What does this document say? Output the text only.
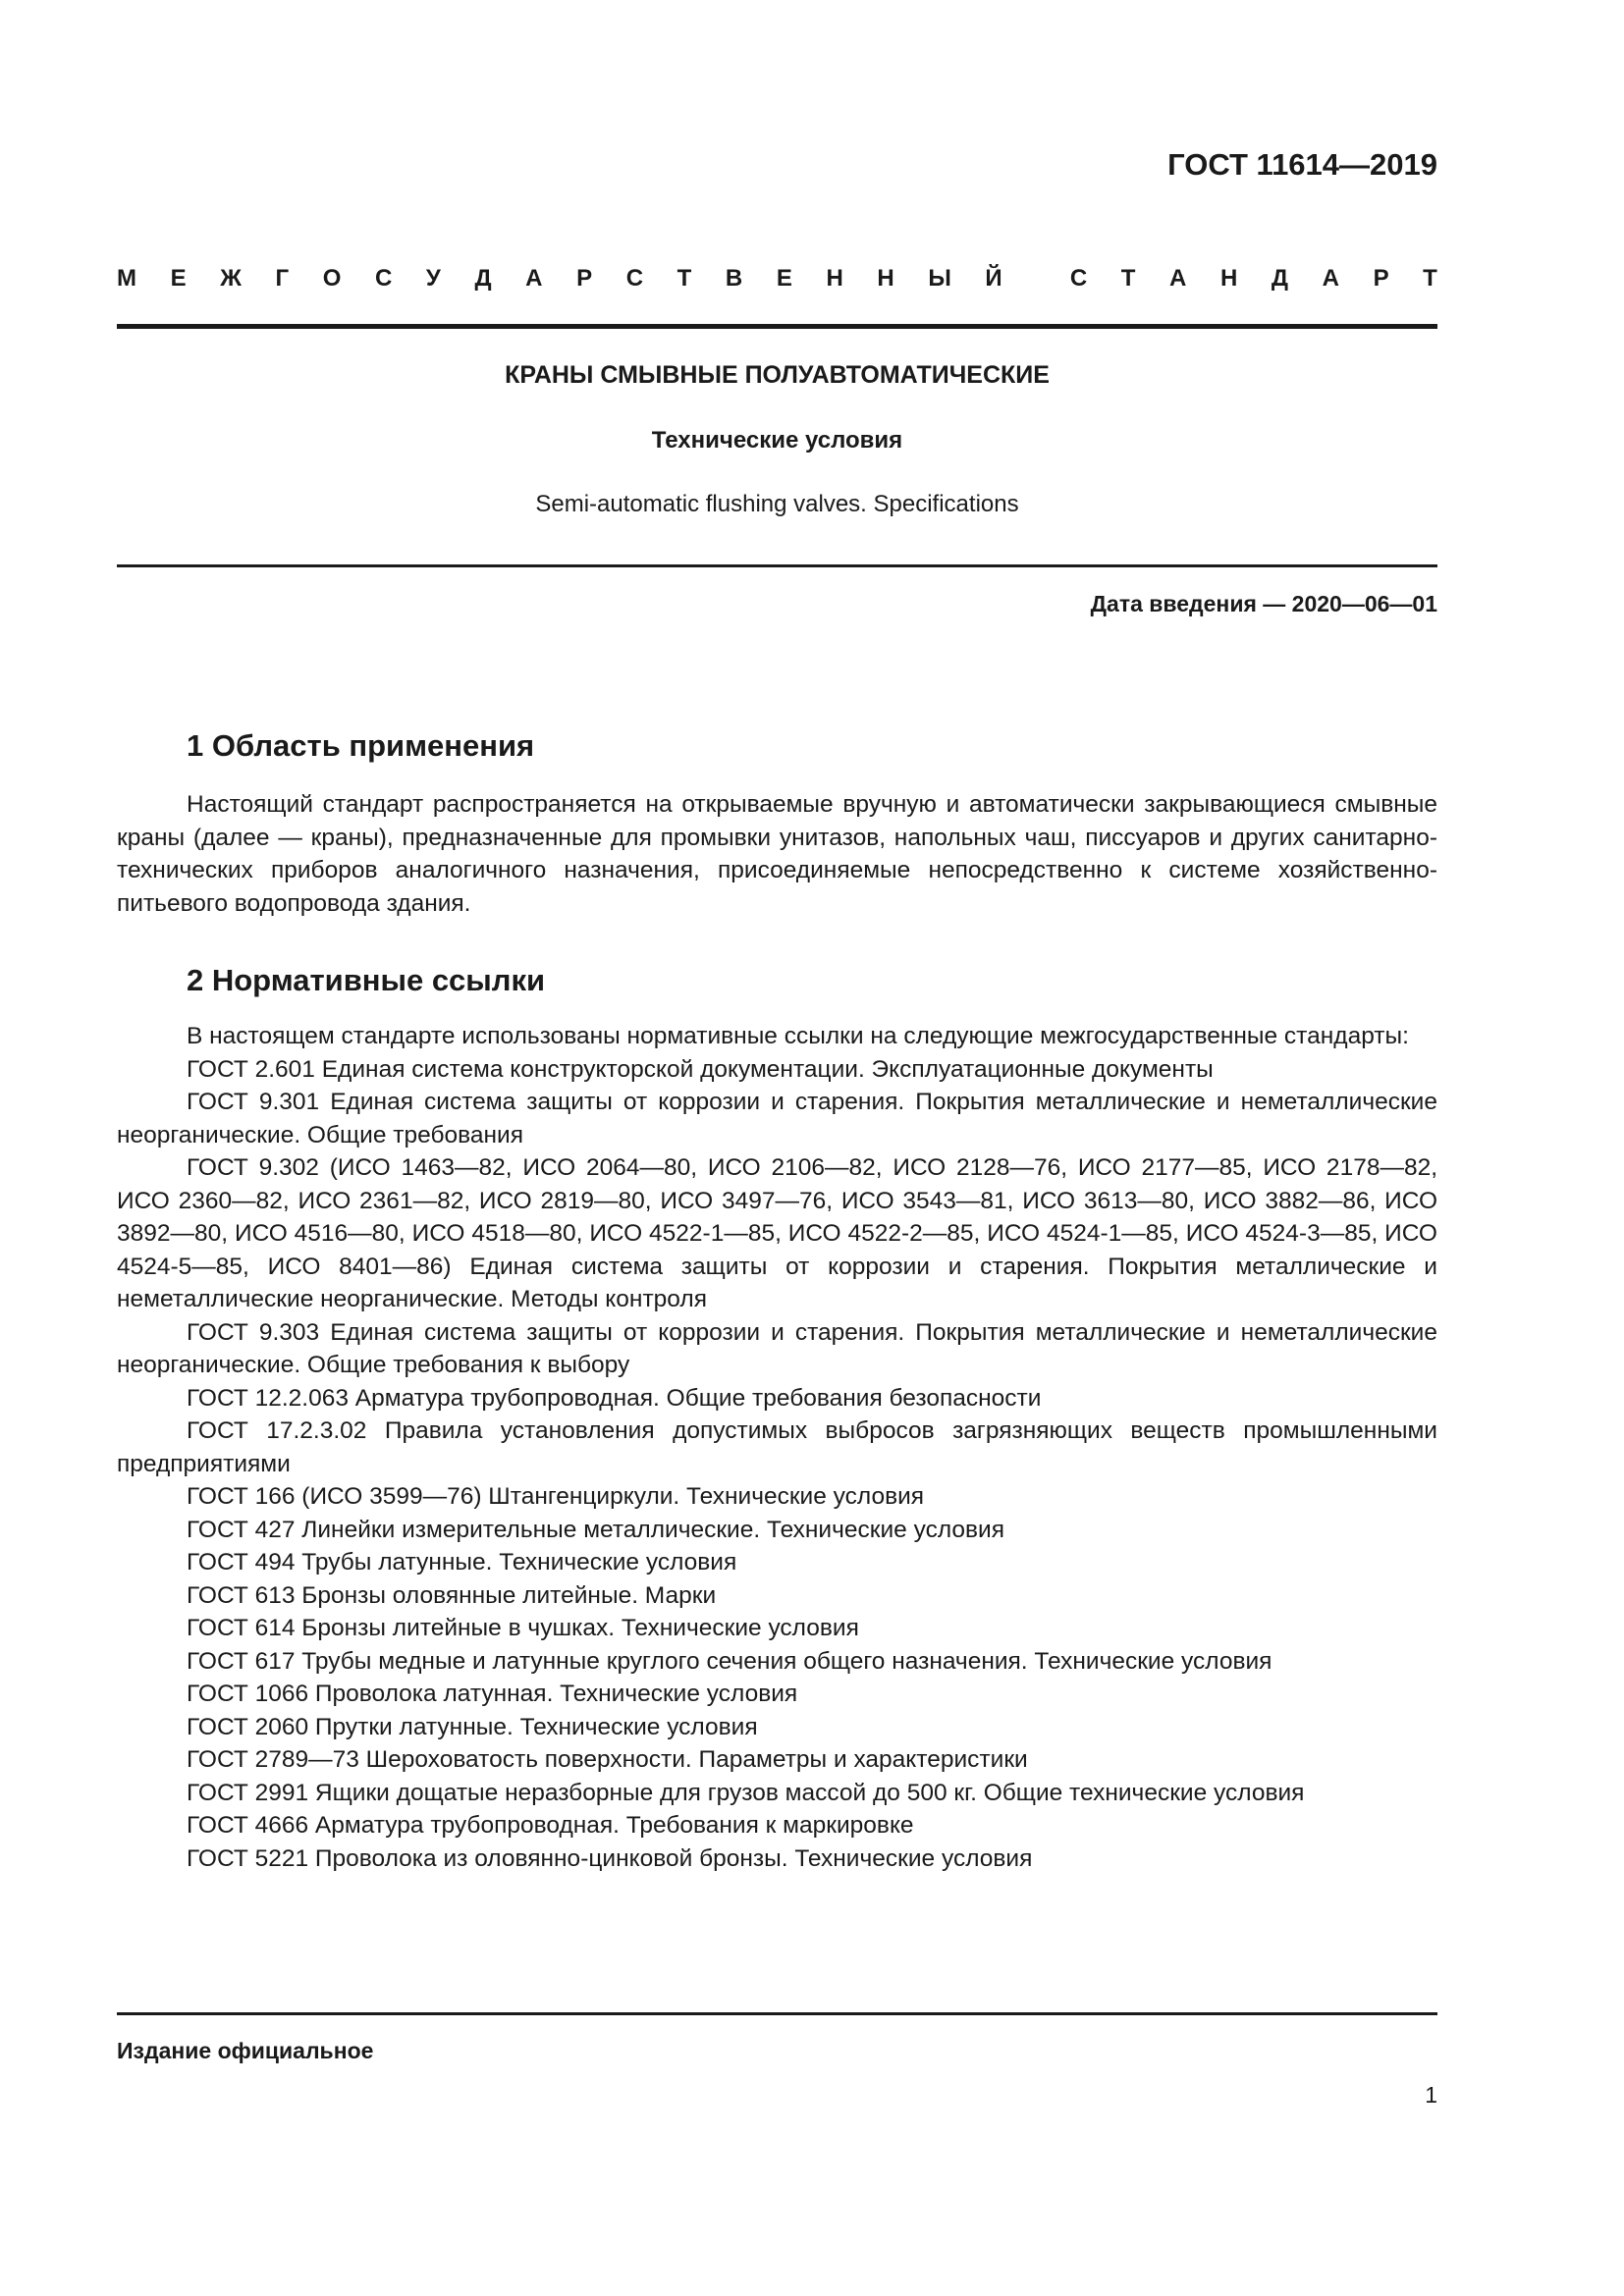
ГОСТ 11614—2019
М Е Ж Г О С У Д А Р С Т В Е Н Н Ы Й	С Т А Н Д А Р Т
КРАНЫ СМЫВНЫЕ ПОЛУАВТОМАТИЧЕСКИЕ
Технические условия
Semi-automatic flushing valves. Specifications
Дата введения — 2020—06—01
1 Область применения

Настоящий стандарт распространяется на открываемые вручную и автоматически закрывающиеся смывные краны (далее — краны), предназначенные для промывки унитазов, напольных чаш, писсуаров и других санитарно-технических приборов аналогичного назначения, присоединяемые непосредственно к системе хозяйственно-питьевого водопровода здания.

2 Нормативные ссылки

В настоящем стандарте использованы нормативные ссылки на следующие межгосударственные стандарты:

ГОСТ 2.601 Единая система конструкторской документации. Эксплуатационные документы

ГОСТ 9.301 Единая система защиты от коррозии и старения. Покрытия металлические и неметаллические неорганические. Общие требования

ГОСТ 9.302 (ИСО 1463—82, ИСО 2064—80, ИСО 2106—82, ИСО 2128—76, ИСО 2177—85, ИСО 2178—82, ИСО 2360—82, ИСО 2361—82, ИСО 2819—80, ИСО 3497—76, ИСО 3543—81, ИСО 3613—80, ИСО 3882—86, ИСО 3892—80, ИСО 4516—80, ИСО 4518—80, ИСО 4522-1—85, ИСО 4522-2—85, ИСО 4524-1—85, ИСО 4524-3—85, ИСО 4524-5—85, ИСО 8401—86) Единая система защиты от коррозии и старения. Покрытия металлические и неметаллические неорганические. Методы контроля

ГОСТ 9.303 Единая система защиты от коррозии и старения. Покрытия металлические и неметаллические неорганические. Общие требования к выбору

ГОСТ 12.2.063 Арматура трубопроводная. Общие требования безопасности

ГОСТ 17.2.3.02 Правила установления допустимых выбросов загрязняющих веществ промышленными предприятиями

ГОСТ 166 (ИСО 3599—76) Штангенциркули. Технические условия

ГОСТ 427 Линейки измерительные металлические. Технические условия

ГОСТ 494 Трубы латунные. Технические условия

ГОСТ 613 Бронзы оловянные литейные. Марки

ГОСТ 614 Бронзы литейные в чушках. Технические условия

ГОСТ 617 Трубы медные и латунные круглого сечения общего назначения. Технические условия

ГОСТ 1066 Проволока латунная. Технические условия

ГОСТ 2060 Прутки латунные. Технические условия

ГОСТ 2789—73 Шероховатость поверхности. Параметры и характеристики

ГОСТ 2991 Ящики дощатые неразборные для грузов массой до 500 кг. Общие технические условия

ГОСТ 4666 Арматура трубопроводная. Требования к маркировке

ГОСТ 5221 Проволока из оловянно-цинковой бронзы. Технические условия

Издание официальное
1
